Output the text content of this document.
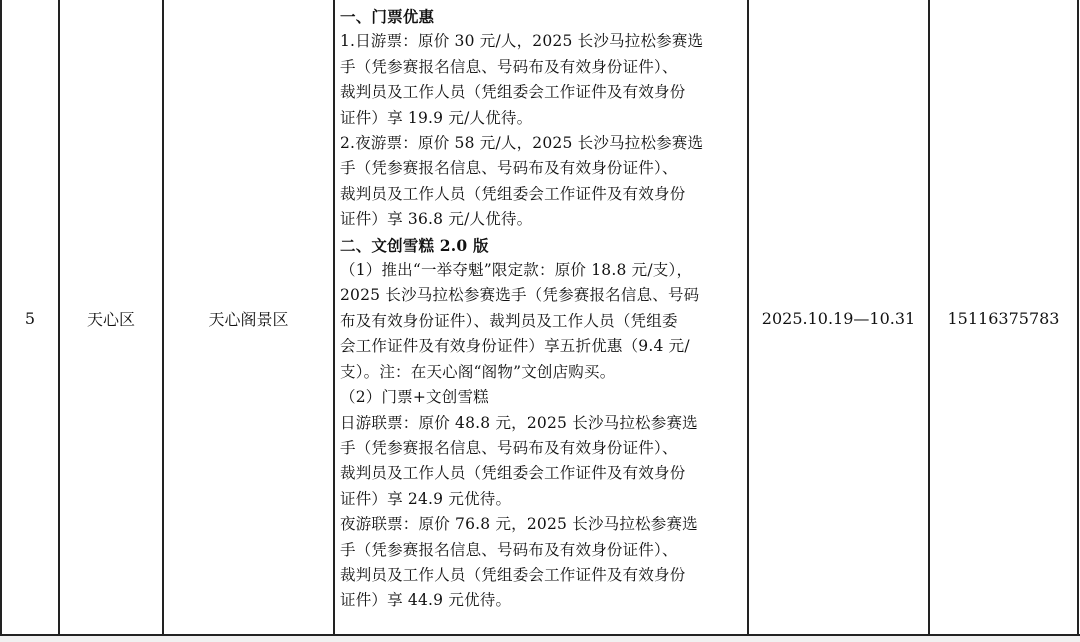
5	天心区	天心阁景区
一、门票优惠
1.日游票：原价 30 元/人，2025 长沙马拉松参赛选
手（凭参赛报名信息、号码布及有效身份证件）、
裁判员及工作人员（凭组委会工作证件及有效身份
证件）享 19.9 元/人优待。
2.夜游票：原价 58 元/人，2025 长沙马拉松参赛选
手（凭参赛报名信息、号码布及有效身份证件）、
裁判员及工作人员（凭组委会工作证件及有效身份
证件）享 36.8 元/人优待。
二、文创雪糕 2.0 版
（1）推出“一举夺魁”限定款：原价 18.8 元/支），
2025 长沙马拉松参赛选手（凭参赛报名信息、号码
布及有效身份证件）、裁判员及工作人员（凭组委
会工作证件及有效身份证件）享五折优惠（9.4 元/
支）。注：在天心阁“阁物”文创店购买。
（2）门票+文创雪糕
日游联票：原价 48.8 元，2025 长沙马拉松参赛选
手（凭参赛报名信息、号码布及有效身份证件）、
裁判员及工作人员（凭组委会工作证件及有效身份
证件）享 24.9 元优待。
夜游联票：原价 76.8 元，2025 长沙马拉松参赛选
手（凭参赛报名信息、号码布及有效身份证件）、
裁判员及工作人员（凭组委会工作证件及有效身份
证件）享 44.9 元优待。
2025.10.19—10.31 15116375783
